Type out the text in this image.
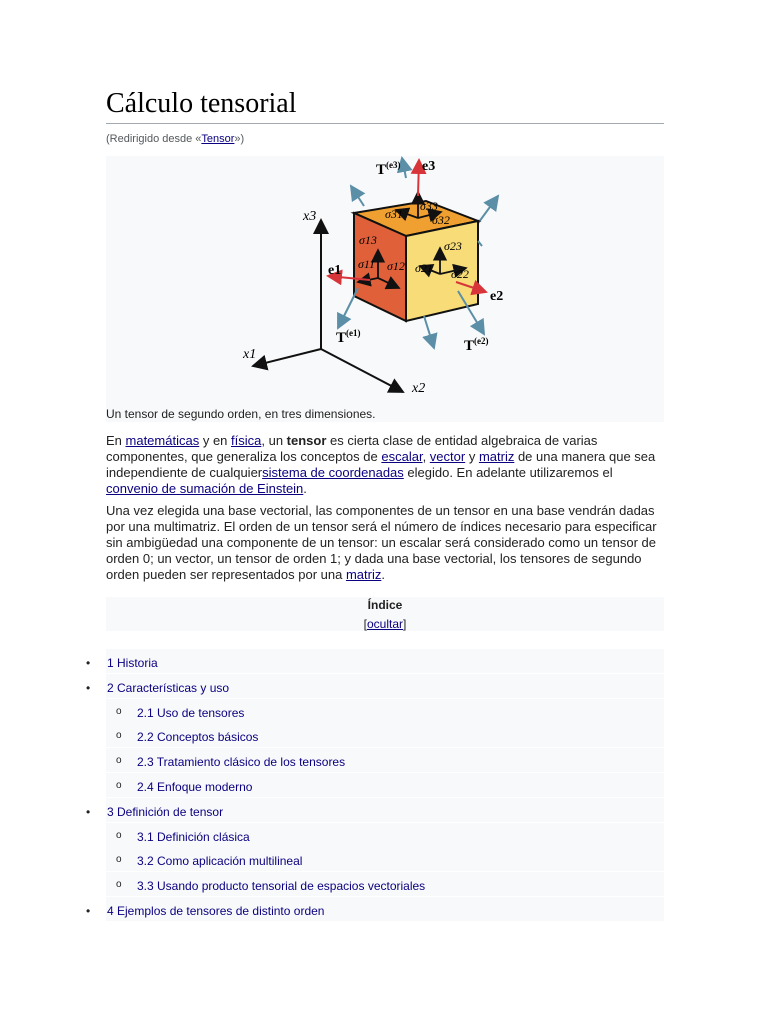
Cálculo tensorial
(Redirigido desde «Tensor»)
$T^{(e3)}$ e3
x3
x1
x2
e1
e2
$T^{(e1)}$
$T^{(e2)}$
σ31
σ33
σ32
σ13	σ23
σ11 σ12 σ21 σ22
Un tensor de segundo orden, en tres dimensiones.
En matemáticas y en física, un tensor es cierta clase de entidad algebraica de varias componentes, que generaliza los conceptos de escalar, vector y matriz de una manera que sea independiente de cualquiersistema de coordenadas elegido. En adelante utilizaremos el convenio de sumación de Einstein.
Una vez elegida una base vectorial, las componentes de un tensor en una base vendrán dadas por una multimatriz. El orden de un tensor será el número de índices necesario para especificar sin ambigüedad una componente de un tensor: un escalar será considerado como un tensor de orden 0; un vector, un tensor de orden 1; y dada una base vectorial, los tensores de segundo orden pueden ser representados por una matriz.
Índice
[ocultar]
• 1 Historia
• 2 Características y uso
o 2.1 Uso de tensores
o 2.2 Conceptos básicos
o 2.3 Tratamiento clásico de los tensores
o 2.4 Enfoque moderno
• 3 Definición de tensor
o 3.1 Definición clásica
o 3.2 Como aplicación multilineal
o 3.3 Usando producto tensorial de espacios vectoriales
• 4 Ejemplos de tensores de distinto orden
